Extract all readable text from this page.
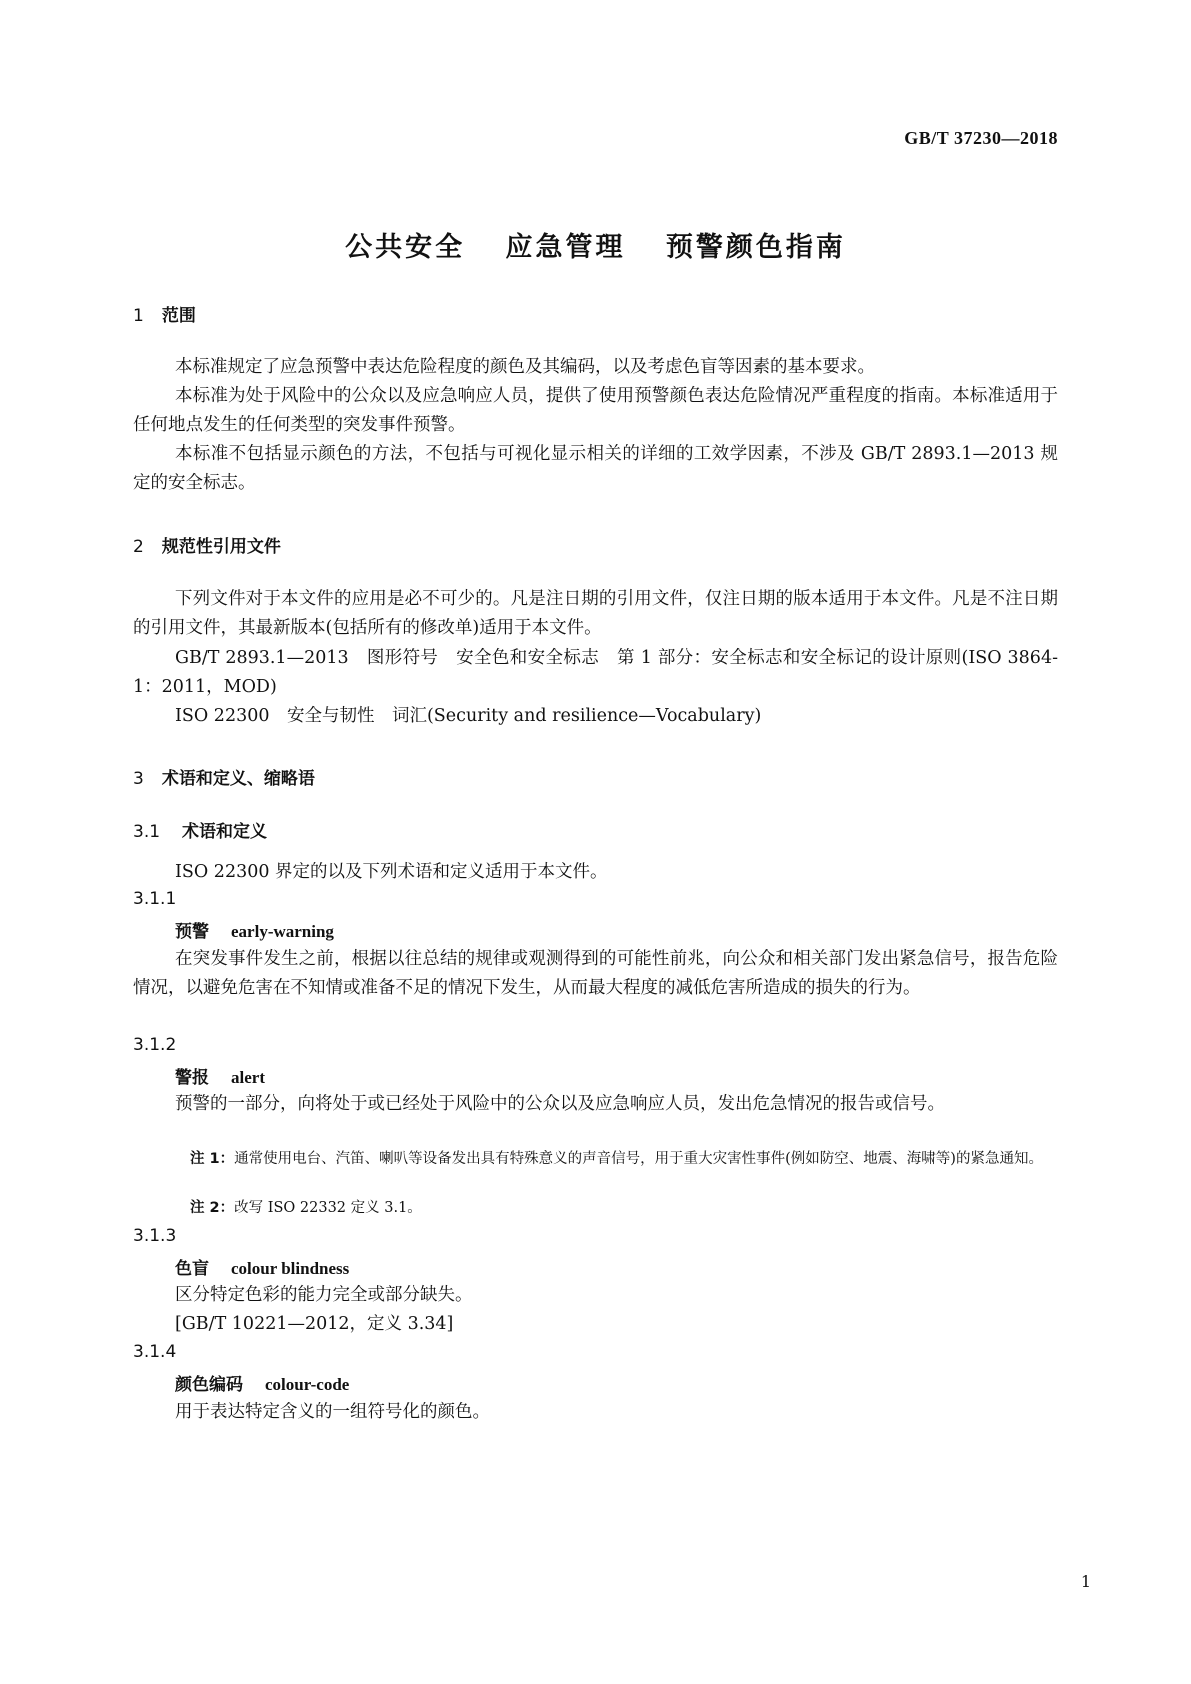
GB/T 37230—2018
公共安全 应急管理 预警颜色指南
1 范围
本标准规定了应急预警中表达危险程度的颜色及其编码，以及考虑色盲等因素的基本要求。
本标准为处于风险中的公众以及应急响应人员，提供了使用预警颜色表达危险情况严重程度的指南。本标准适用于任何地点发生的任何类型的突发事件预警。
本标准不包括显示颜色的方法，不包括与可视化显示相关的详细的工效学因素，不涉及 GB/T 2893.1—2013 规定的安全标志。
2 规范性引用文件
下列文件对于本文件的应用是必不可少的。凡是注日期的引用文件，仅注日期的版本适用于本文件。凡是不注日期的引用文件，其最新版本(包括所有的修改单)适用于本文件。
GB/T 2893.1—2013　图形符号　安全色和安全标志　第 1 部分：安全标志和安全标记的设计原则(ISO 3864-1：2011，MOD)
ISO 22300　安全与韧性　词汇(Security and resilience—Vocabulary)
3 术语和定义、缩略语
3.1 术语和定义
ISO 22300 界定的以及下列术语和定义适用于本文件。
3.1.1
预警 early-warning
在突发事件发生之前，根据以往总结的规律或观测得到的可能性前兆，向公众和相关部门发出紧急信号，报告危险情况，以避免危害在不知情或准备不足的情况下发生，从而最大程度的减低危害所造成的损失的行为。
3.1.2
警报 alert
预警的一部分，向将处于或已经处于风险中的公众以及应急响应人员，发出危急情况的报告或信号。
注 1：通常使用电台、汽笛、喇叭等设备发出具有特殊意义的声音信号，用于重大灾害性事件(例如防空、地震、海啸等)的紧急通知。
注 2：改写 ISO 22332 定义 3.1。
3.1.3
色盲 colour blindness
区分特定色彩的能力完全或部分缺失。
[GB/T 10221—2012，定义 3.34]
3.1.4
颜色编码 colour-code
用于表达特定含义的一组符号化的颜色。
1
